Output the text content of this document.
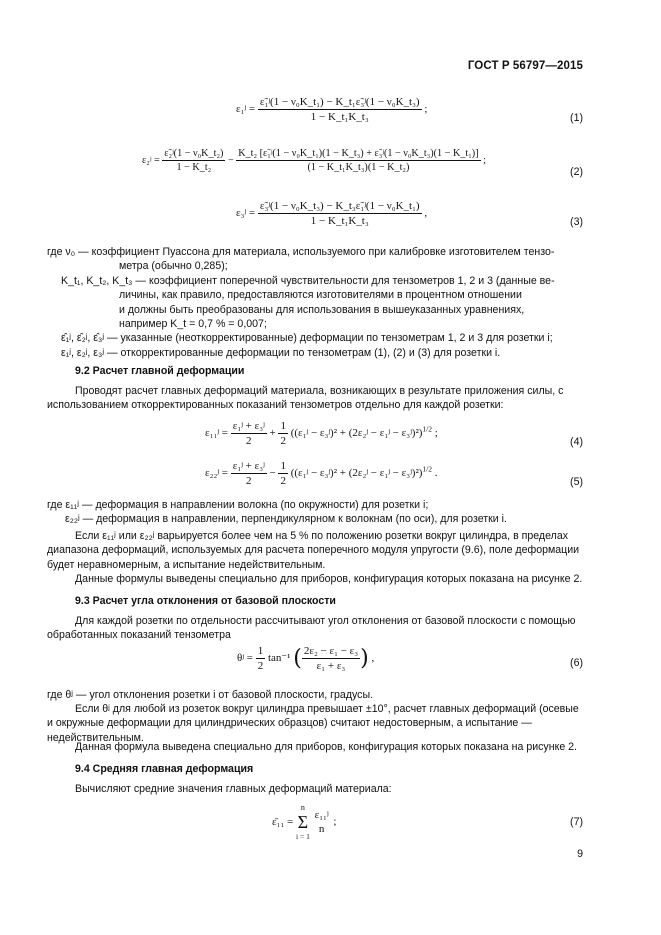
ГОСТ Р 56797—2015
ε₁ʲ = $\frac{\text{ε̃₁ʲ(1 − ν₀K\_t₁) − K\_t₁ε̃₃ʲ(1 − ν₀K\_t₃)}}{\text{1 − K\_t₁K\_t₃}}$ ;
(1)
ε₂ʲ = $\frac{\text{ε̃₂ʲ(1 − ν₀K\_t₂)}}{\text{1 − K\_t₂}}$ −
K_t₂ [ε̃₁ʲ(1 − ν₀K_t₁)(1 − K_t₃) + ε̃₃ʲ(1 − ν₀K_t₃)(1 − K_t₁)]
(1 − K_t₁K_t₃)(1 − K_t₂)
;
(2)
ε₃ʲ = $\frac{\text{ε̃₃ʲ(1 − ν₀K\_t₃) − K\_t₃ε̃₁ʲ(1 − ν₀K\_t₁)}}{\text{1 − K\_t₁K\_t₃}}$ ,
(3)
где ν₀ — коэффициент Пуассона для материала, используемого при калибровке изготовителем тензо-
метра (обычно 0,285);
K_t₁, K_t₂, K_t₃ — коэффициент поперечной чувствительности для тензометров 1, 2 и 3 (данные ве-
личины, как правило, предоставляются изготовителями в процентном отношении
и должны быть преобразованы для использования в вышеуказанных уравнениях,
например K_t = 0,7 % = 0,007;
ε̂₁ʲ, ε̂₂ʲ, ε̂₃ʲ — указанные (неоткорректированные) деформации по тензометрам 1, 2 и 3 для розетки i;
ε₁ʲ, ε₂ʲ, ε₃ʲ — откорректированные деформации по тензометрам (1), (2) и (3) для розетки i.
9.2 Расчет главной деформации
Проводят расчет главных деформаций материала, возникающих в результате приложения силы, с использованием откорректированных показаний тензометров отдельно для каждой розетки:
ε₁₁ʲ = $\frac{\text{ε₁ʲ + ε₃ʲ}}{2} + \frac{1}{2}$ ((ε₁ʲ − ε₃ʲ)² + (2ε₂ʲ − ε₁ʲ − ε₃ʲ)²)$^{1/2}$ ;
(4)
ε₂₂ʲ = $\frac{\text{ε₁ʲ + ε₃ʲ}}{2} - \frac{1}{2}$ ((ε₁ʲ − ε₃ʲ)² + (2ε₂ʲ − ε₁ʲ − ε₃ʲ)²)$^{1/2}$ .
(5)
где ε₁₁ʲ — деформация в направлении волокна (по окружности) для розетки i;
ε₂₂ʲ — деформация в направлении, перпендикулярном к волокнам (по оси), для розетки i.
Если ε₁₁ʲ или ε₂₂ʲ варьируется более чем на 5 % по положению розетки вокруг цилиндра, в пределах диапазона деформаций, используемых для расчета поперечного модуля упругости (9.6), поле деформации будет неравномерным, а испытание недействительным.
Данные формулы выведены специально для приборов, конфигурация которых показана на рисунке 2.
9.3 Расчет угла отклонения от базовой плоскости
Для каждой розетки по отдельности рассчитывают угол отклонения от базовой плоскости с помощью обработанных показаний тензометра
θʲ = $\frac{1}{2} \tan^{-1}$ ( $\frac{\text{2ε₂ − ε₁ − ε₃}}{\text{ε₁ + ε₃}}$ ) ,	(6)
где θʲ — угол отклонения розетки i от базовой плоскости, градусы.
Если θʲ для любой из розеток вокруг цилиндра превышает ±10°, расчет главных деформаций (осевые и окружные деформации для цилиндрических образцов) считают недостоверным, а испытание — недействительным.
Данная формула выведена специально для приборов, конфигурация которых показана на рисунке 2.
9.4 Средняя главная деформация
Вычисляют средние значения главных деформаций материала:
ε̄₁₁ =
n
Σ
i = 1

ε₁₁ʲ
n
;	(7)
9
